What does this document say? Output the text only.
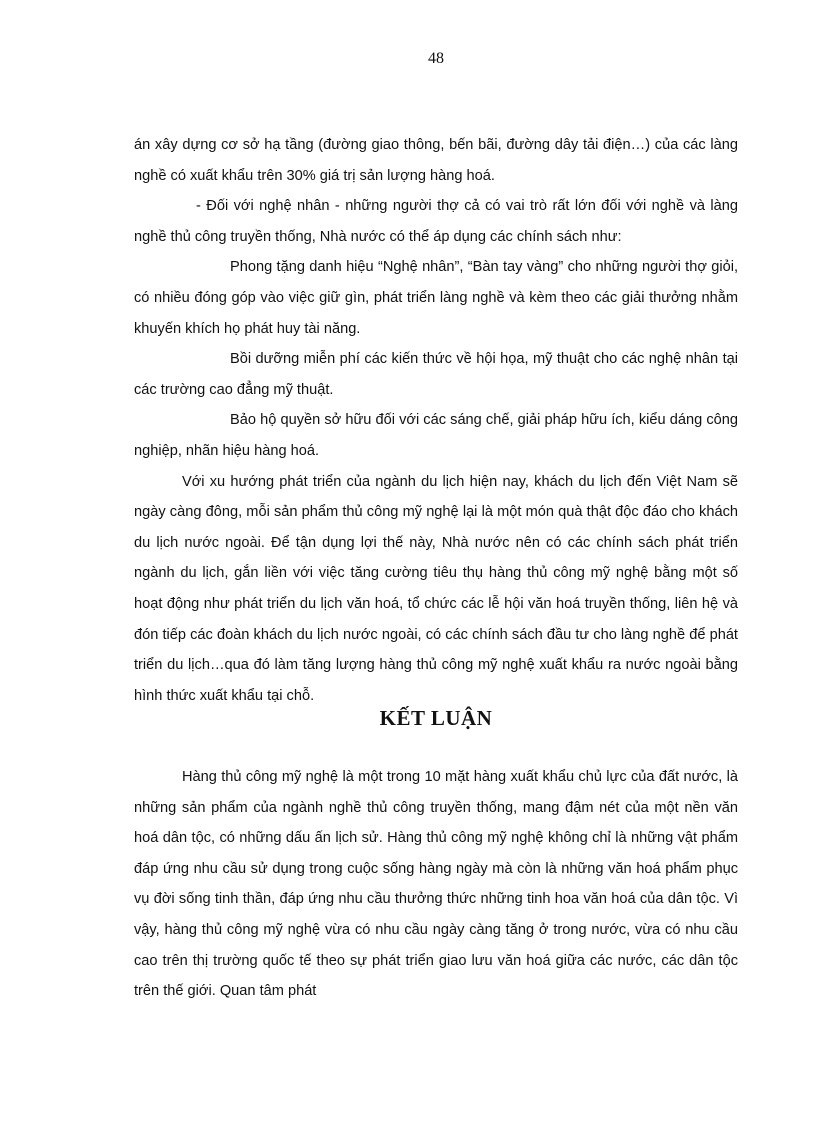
48

án xây dựng cơ sở hạ tầng (đường giao thông, bến bãi, đường dây tải điện…) của các làng nghề có xuất khẩu trên 30% giá trị sản lượng hàng hoá.

- Đối với nghệ nhân - những người thợ cả có vai trò rất lớn đối với nghề và làng nghề thủ công truyền thống, Nhà nước có thể áp dụng các chính sách như:

Phong tặng danh hiệu “Nghệ nhân”, “Bàn tay vàng” cho những người thợ giỏi, có nhiều đóng góp vào việc giữ gìn, phát triển làng nghề và kèm theo các giải thưởng nhằm khuyến khích họ phát huy tài năng.

Bồi dưỡng miễn phí các kiến thức về hội họa, mỹ thuật cho các nghệ nhân tại các trường cao đẳng mỹ thuật.

Bảo hộ quyền sở hữu đối với các sáng chế, giải pháp hữu ích, kiểu dáng công nghiệp, nhãn hiệu hàng hoá.

Với xu hướng phát triển của ngành du lịch hiện nay, khách du lịch đến Việt Nam sẽ ngày càng đông, mỗi sản phẩm thủ công mỹ nghệ lại là một món quà thật độc đáo cho khách du lịch nước ngoài. Để tận dụng lợi thế này, Nhà nước nên có các chính sách phát triển ngành du lịch, gắn liền với việc tăng cường tiêu thụ hàng thủ công mỹ nghệ bằng một số hoạt động như phát triển du lịch văn hoá, tổ chức các lễ hội văn hoá truyền thống, liên hệ và đón tiếp các đoàn khách du lịch nước ngoài, có các chính sách đầu tư cho làng nghề để phát triển du lịch…qua đó làm tăng lượng hàng thủ công mỹ nghệ xuất khẩu ra nước ngoài bằng hình thức xuất khẩu tại chỗ.

KẾT LUẬN

Hàng thủ công mỹ nghệ là một trong 10 mặt hàng xuất khẩu chủ lực của đất nước, là những sản phẩm của ngành nghề thủ công truyền thống, mang đậm nét của một nền văn hoá dân tộc, có những dấu ấn lịch sử. Hàng thủ công mỹ nghệ không chỉ là những vật phẩm đáp ứng nhu cầu sử dụng trong cuộc sống hàng ngày mà còn là những văn hoá phẩm phục vụ đời sống tinh thần, đáp ứng nhu cầu thưởng thức những tinh hoa văn hoá của dân tộc. Vì vậy, hàng thủ công mỹ nghệ vừa có nhu cầu ngày càng tăng ở trong nước, vừa có nhu cầu cao trên thị trường quốc tế theo sự phát triển giao lưu văn hoá giữa các nước, các dân tộc trên thế giới. Quan tâm phát
